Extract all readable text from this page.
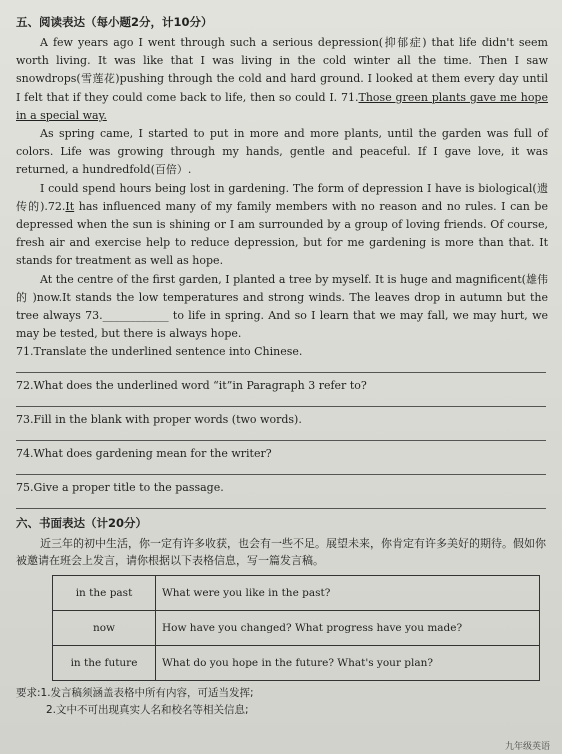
五、阅读表达（每小题2分，计10分）

A few years ago I went through such a serious depression(抑郁症) that life didn't seem worth living. It was like that I was living in the cold winter all the time. Then I saw snowdrops(雪莲花)pushing through the cold and hard ground. I looked at them every day until I felt that if they could come back to life, then so could I. 71.Those green plants gave me hope in a special way.

As spring came, I started to put in more and more plants, until the garden was full of colors. Life was growing through my hands, gentle and peaceful. If I gave love, it was returned, a hundredfold(百倍）.

I could spend hours being lost in gardening. The form of depression I have is biological(遗传的).72.It has influenced many of my family members with no reason and no rules. I can be depressed when the sun is shining or I am surrounded by a group of loving friends. Of course, fresh air and exercise help to reduce depression, but for me gardening is more than that. It stands for treatment as well as hope.

At the centre of the first garden, I planted a tree by myself. It is huge and magnificent(雄伟的 )now.It stands the low temperatures and strong winds. The leaves drop in autumn but the tree always 73.____________ to life in spring. And so I learn that we may fall, we may hurt, we may be tested, but there is always hope.

71.Translate the underlined sentence into Chinese.
72.What does the underlined word “it”in Paragraph 3 refer to?
73.Fill in the blank with proper words (two words).
74.What does gardening mean for the writer?
75.Give a proper title to the passage.
六、书面表达（计20分）

近三年的初中生活，你一定有许多收获，也会有一些不足。展望未来，你肯定有许多美好的期待。假如你被邀请在班会上发言，请你根据以下表格信息，写一篇发言稿。

in the past	What were you like in the past?
now	How have you changed? What progress have you made?
in the future	What do you hope in the future? What's your plan?

要求:1.发言稿须涵盖表格中所有内容，可适当发挥;

2.文中不可出现真实人名和校名等相关信息;

九年级英语
